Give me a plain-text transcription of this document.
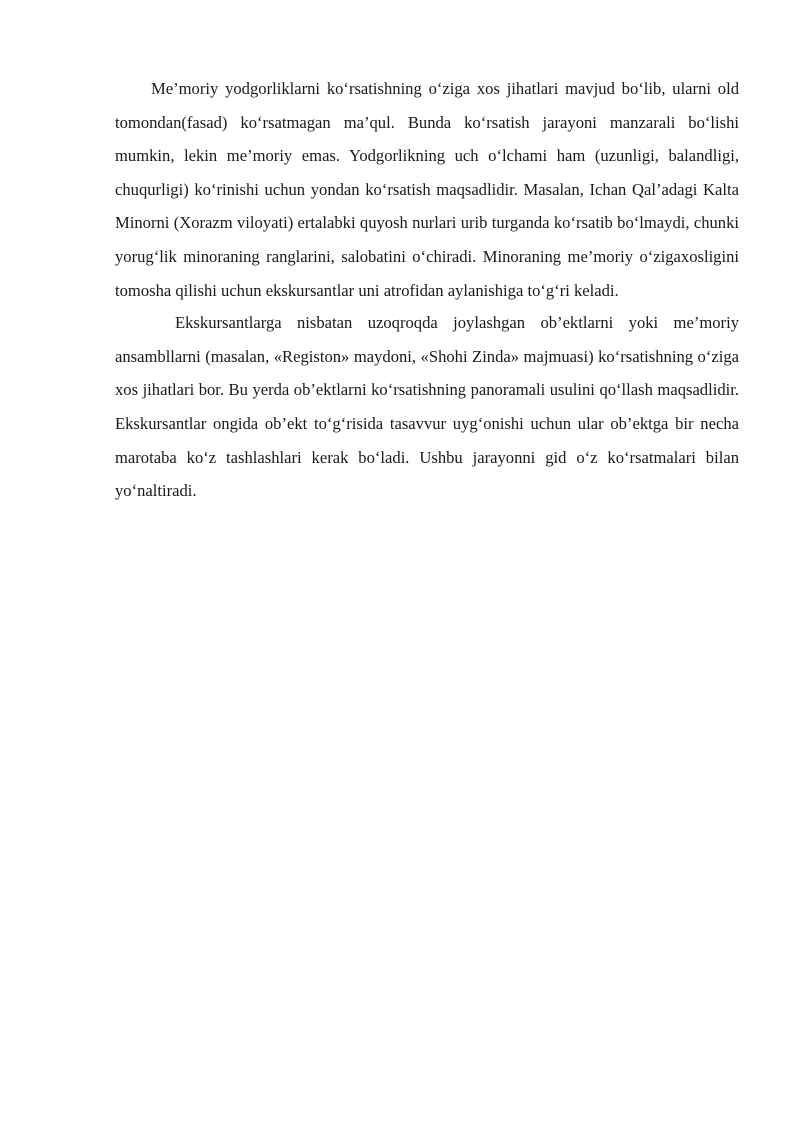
Me’moriy yodgorliklarni ko‘rsatishning o‘ziga xos jihatlari mavjud bo‘lib, ularni old tomondan(fasad) ko‘rsatmagan ma’qul. Bunda ko‘rsatish jarayoni manzarali bo‘lishi mumkin, lekin me’moriy emas. Yodgorlikning uch o‘lchami ham (uzunligi, balandligi, chuqurligi) ko‘rinishi uchun yondan ko‘rsatish maqsadlidir. Masalan, Ichan Qal’adagi Kalta Minorni (Xorazm viloyati) ertalabki quyosh nurlari urib turganda ko‘rsatib bo‘lmaydi, chunki yorug‘lik minoraning ranglarini, salobatini o‘chiradi. Minoraning me’moriy o‘zigaxosligini tomosha qilishi uchun ekskursantlar uni atrofidan aylanishiga to‘g‘ri keladi.

Ekskursantlarga nisbatan uzoqroqda joylashgan ob’ektlarni yoki me’moriy ansambllarni (masalan, «Registon» maydoni, «Shohi Zinda» majmuasi) ko‘rsatishning o‘ziga xos jihatlari bor. Bu yerda ob’ektlarni ko‘rsatishning panoramali usulini qo‘llash maqsadlidir. Ekskursantlar ongida ob’ekt to‘g‘risida tasavvur uyg‘onishi uchun ular ob’ektga bir necha marotaba ko‘z tashlashlari kerak bo‘ladi. Ushbu jarayonni gid o‘z ko‘rsatmalari bilan yo‘naltiradi.
